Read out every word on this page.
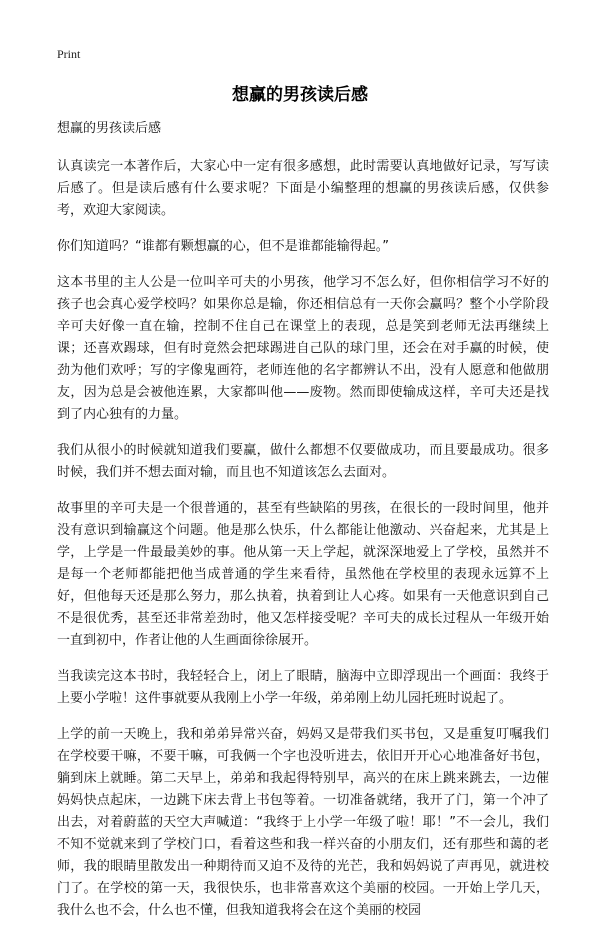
Print
想赢的男孩读后感
想赢的男孩读后感

认真读完一本著作后，大家心中一定有很多感想，此时需要认真地做好记录，写写读后感了。但是读后感有什么要求呢？下面是小编整理的想赢的男孩读后感，仅供参考，欢迎大家阅读。

你们知道吗？“谁都有颗想赢的心，但不是谁都能输得起。”

这本书里的主人公是一位叫辛可夫的小男孩，他学习不怎么好，但你相信学习不好的孩子也会真心爱学校吗？如果你总是输，你还相信总有一天你会赢吗？整个小学阶段辛可夫好像一直在输，控制不住自己在课堂上的表现，总是笑到老师无法再继续上课；还喜欢踢球，但有时竟然会把球踢进自己队的球门里，还会在对手赢的时候，使劲为他们欢呼；写的字像鬼画符，老师连他的名字都辨认不出，没有人愿意和他做朋友，因为总是会被他连累，大家都叫他——废物。然而即使输成这样，辛可夫还是找到了内心独有的力量。

我们从很小的时候就知道我们要赢，做什么都想不仅要做成功，而且要最成功。很多时候，我们并不想去面对输，而且也不知道该怎么去面对。

故事里的辛可夫是一个很普通的，甚至有些缺陷的男孩，在很长的一段时间里，他并没有意识到输赢这个问题。他是那么快乐，什么都能让他激动、兴奋起来，尤其是上学，上学是一件最最美妙的事。他从第一天上学起，就深深地爱上了学校，虽然并不是每一个老师都能把他当成普通的学生来看待，虽然他在学校里的表现永远算不上好，但他每天还是那么努力，那么执着，执着到让人心疼。如果有一天他意识到自己不是很优秀，甚至还非常差劲时，他又怎样接受呢？辛可夫的成长过程从一年级开始一直到初中，作者让他的人生画面徐徐展开。

当我读完这本书时，我轻轻合上，闭上了眼睛，脑海中立即浮现出一个画面：我终于上要小学啦！这件事就要从我刚上小学一年级，弟弟刚上幼儿园托班时说起了。

上学的前一天晚上，我和弟弟异常兴奋，妈妈又是带我们买书包，又是重复叮嘱我们在学校要干嘛，不要干嘛，可我俩一个字也没听进去，依旧开开心心地准备好书包，躺到床上就睡。第二天早上，弟弟和我起得特别早，高兴的在床上跳来跳去，一边催妈妈快点起床，一边跳下床去背上书包等着。一切准备就绪，我开了门，第一个冲了出去，对着蔚蓝的天空大声喊道：“我终于上小学一年级了啦！耶！”不一会儿，我们不知不觉就来到了学校门口，看着这些和我一样兴奋的小朋友们，还有那些和蔼的老师，我的眼睛里散发出一种期待而又迫不及待的光芒，我和妈妈说了声再见，就进校门了。在学校的第一天，我很快乐，也非常喜欢这个美丽的校园。一开始上学几天，我什么也不会，什么也不懂，但我知道我将会在这个美丽的校园
